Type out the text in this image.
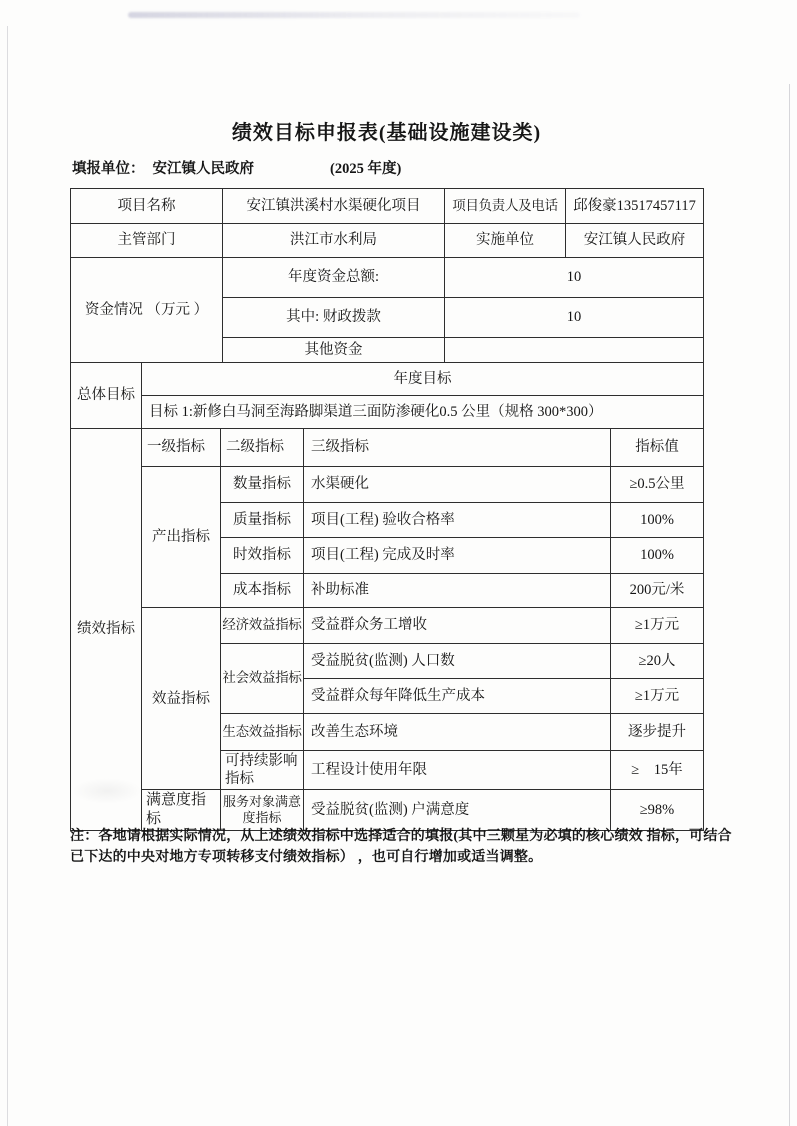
绩效目标申报表(基础设施建设类)
填报单位： 安江镇人民政府	(2025 年度)
项目名称	安江镇洪溪村水渠硬化项目	项目负责人及电话	邱俊豪13517457117
主管部门	洪江市水利局	实施单位	安江镇人民政府
资金情况 （万元 ）	年度资金总额:	10	
	其中: 财政拨款	10	
	其他资金		
总体目标	年度目标
目标 1:新修白马洞至海路脚渠道三面防渗硬化0.5 公里（规格 300*300）
绩效指标	一级指标	二级指标	三级指标	指标值
	产出指标	数量指标	水渠硬化	≥0.5公里
		质量指标	项目(工程) 验收合格率	100%
		时效指标	项目(工程) 完成及时率	100%
		成本指标	补助标准	200元/米
	效益指标	经济效益指标	受益群众务工增收	≥1万元
		社会效益指标	受益脱贫(监测) 人口数	≥20人
			受益群众每年降低生产成本	≥1万元
		生态效益指标	改善生态环境	逐步提升
		可持续影响指标	工程设计使用年限	≥　15年
	满意度指标	服务对象满意度指标	受益脱贫(监测) 户满意度	≥98%
注：各地请根据实际情况，从上述绩效指标中选择适合的填报(其中三颗星为必填的核心绩效 指标，可结合
已下达的中央对地方专项转移支付绩效指标） ，也可自行增加或适当调整。
